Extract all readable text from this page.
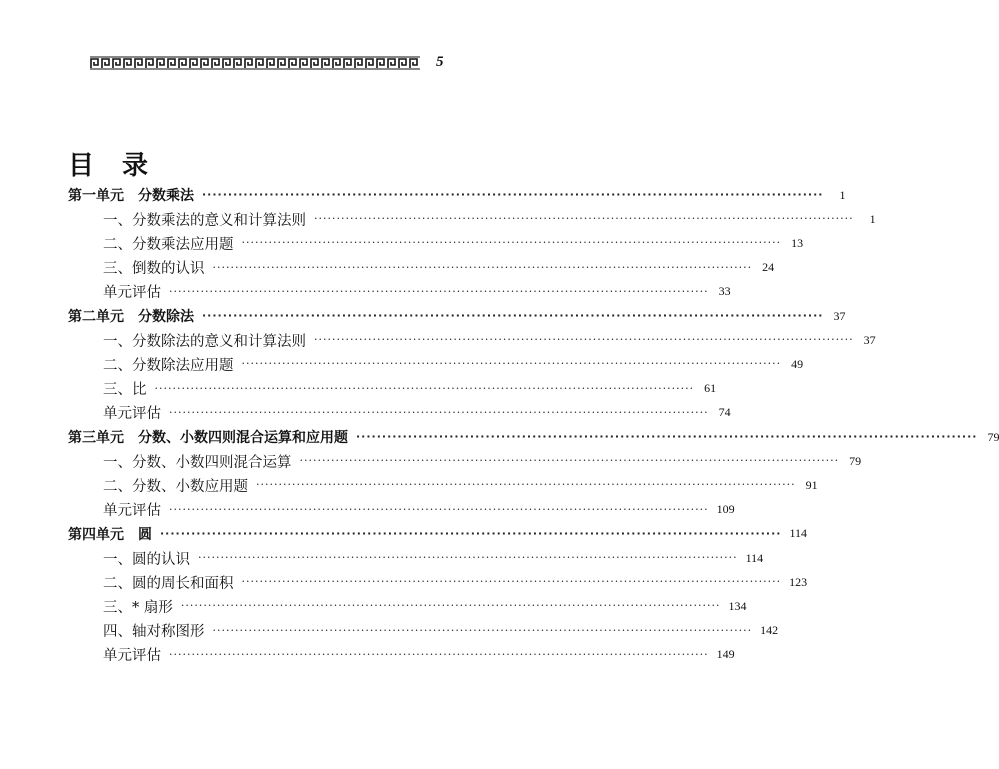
5
目录
第一单元　分数乘法 ························································································································	1
一、分数乘法的意义和计算法则 ························································································································	1
二、分数乘法应用题 ························································································································ 13
三、倒数的认识 ························································································································ 24
单元评估 ························································································································ 33
第二单元　分数除法 ························································································································ 37
一、分数除法的意义和计算法则 ························································································································ 37
二、分数除法应用题 ························································································································ 49
三、比 ························································································································ 61
单元评估 ························································································································ 74
第三单元　分数、小数四则混合运算和应用题 ························································································································ 79
一、分数、小数四则混合运算 ························································································································ 79
二、分数、小数应用题 ························································································································ 91
单元评估 ························································································································ 109
第四单元　圆 ························································································································ 114
一、圆的认识 ························································································································ 114
二、圆的周长和面积 ························································································································ 123
三、* 扇形 ························································································································ 134
四、轴对称图形 ························································································································ 142
单元评估 ························································································································ 149
